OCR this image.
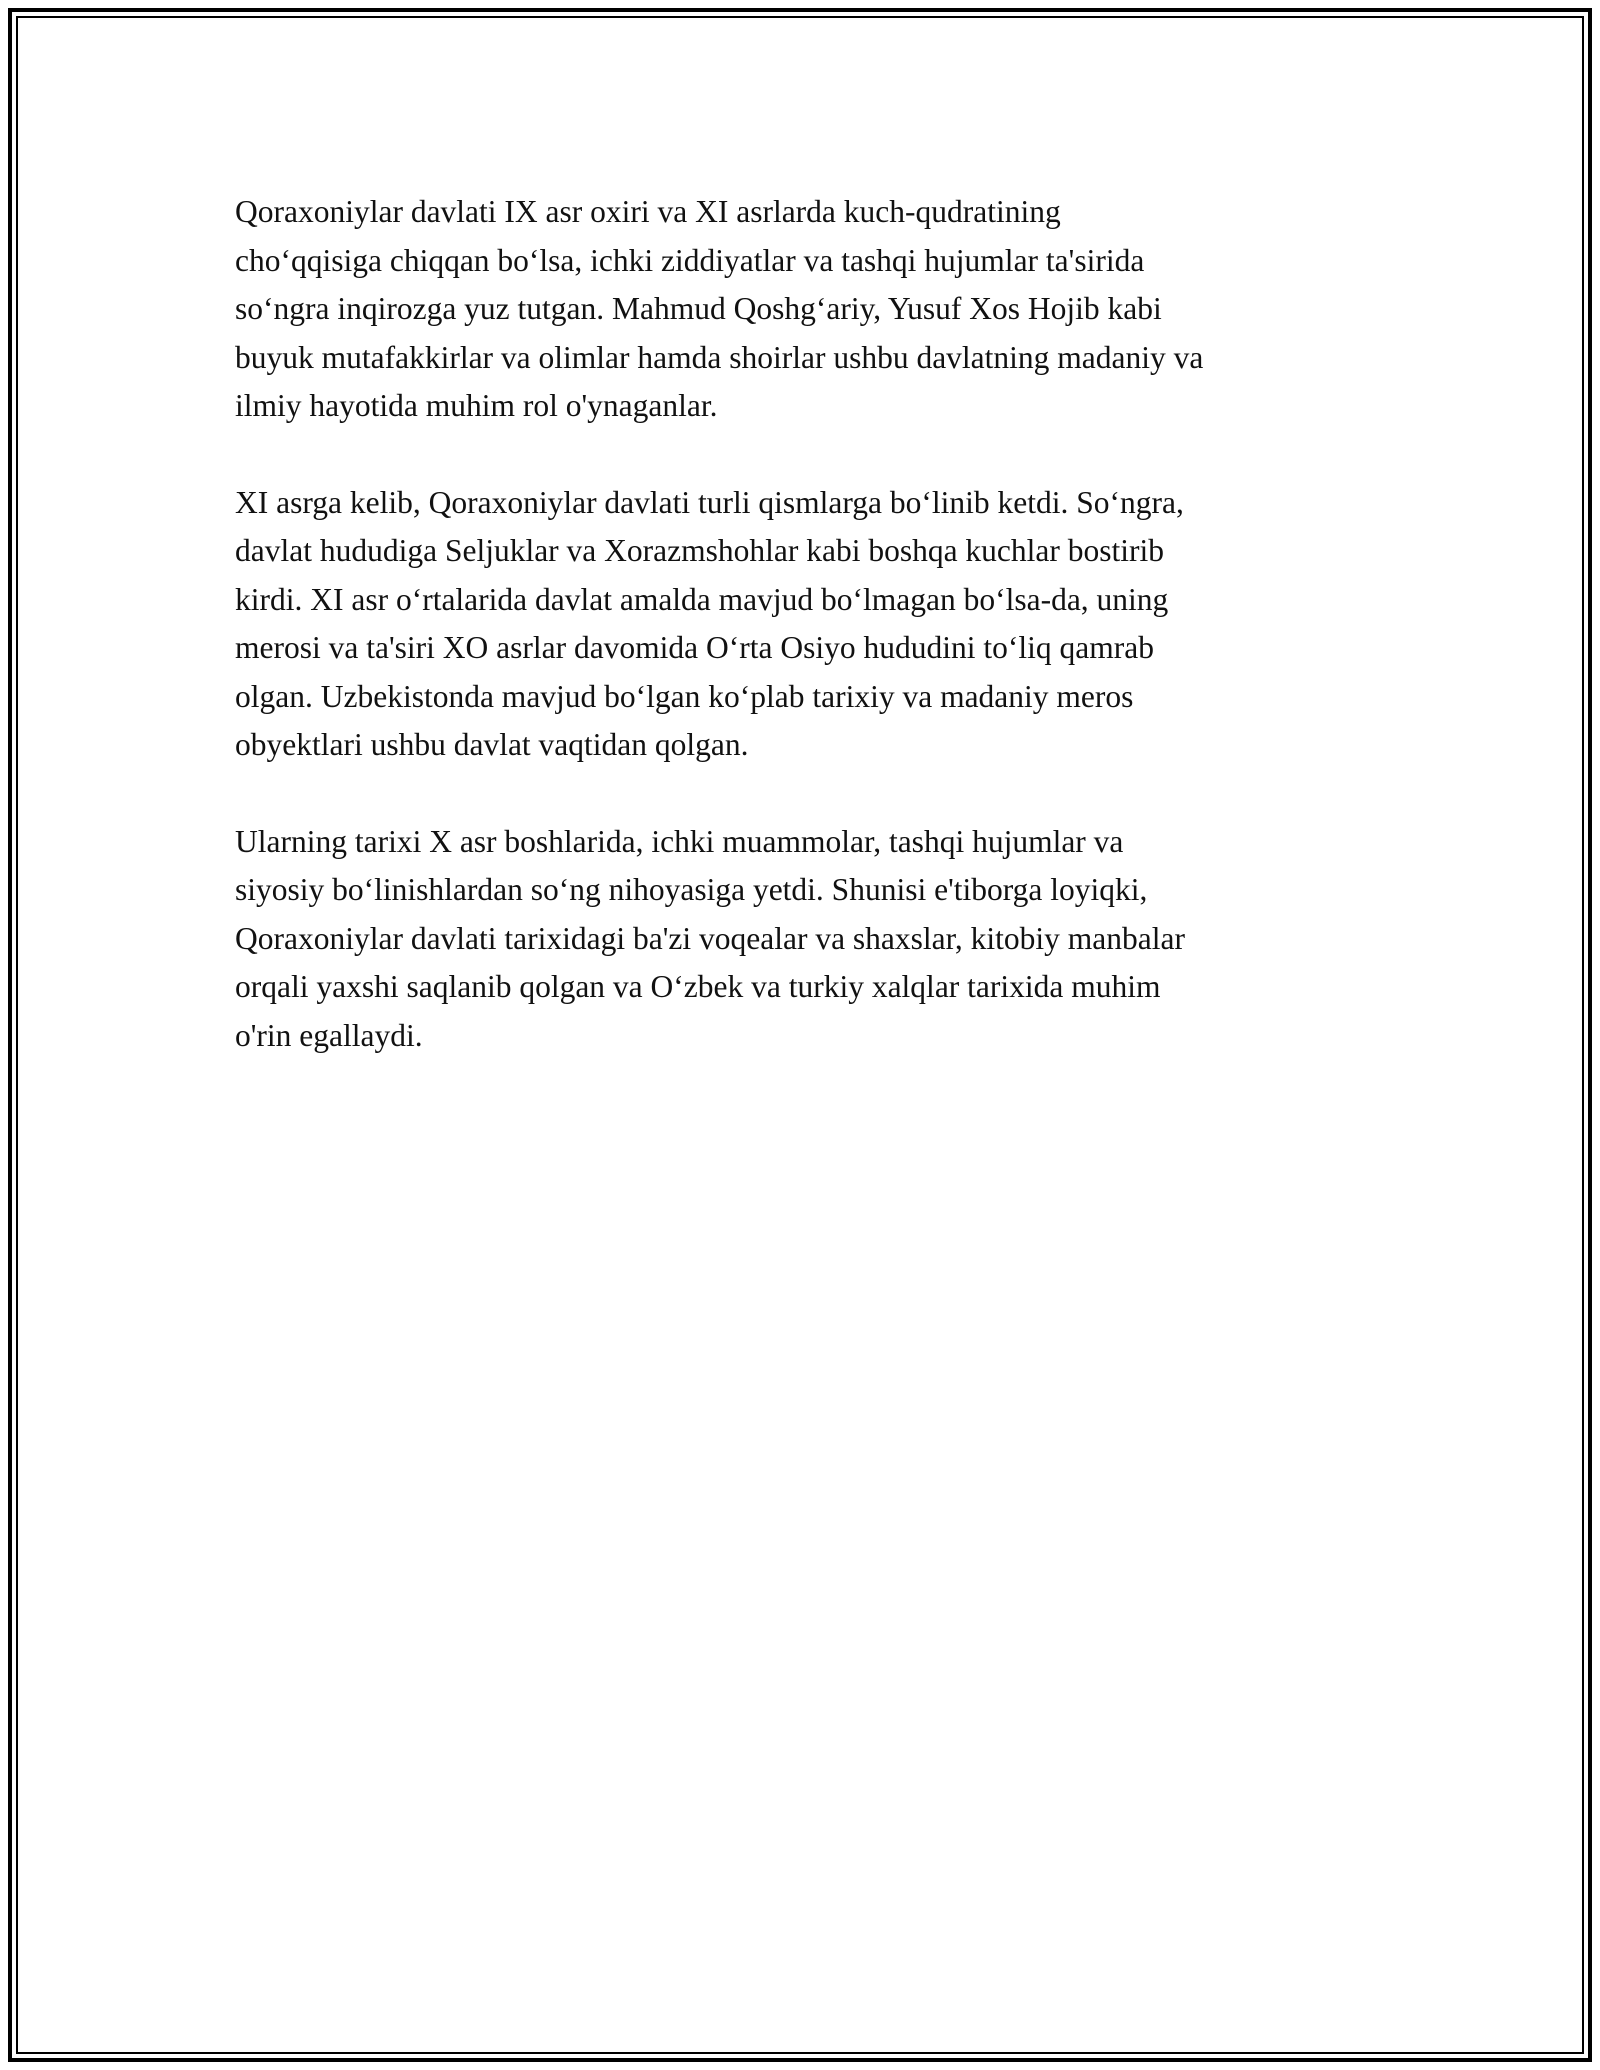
Qoraxoniylar davlati IX asr oxiri va XI asrlarda kuch-qudratining
cho‘qqisiga chiqqan bo‘lsa, ichki ziddiyatlar va tashqi hujumlar ta'sirida
so‘ngra inqirozga yuz tutgan. Mahmud Qoshg‘ariy, Yusuf Xos Hojib kabi
buyuk mutafakkirlar va olimlar hamda shoirlar ushbu davlatning madaniy va
ilmiy hayotida muhim rol o'ynaganlar.

XI asrga kelib, Qoraxoniylar davlati turli qismlarga bo‘linib ketdi. So‘ngra,
davlat hududiga Seljuklar va Xorazmshohlar kabi boshqa kuchlar bostirib
kirdi. XI asr o‘rtalarida davlat amalda mavjud bo‘lmagan bo‘lsa-da, uning
merosi va ta'siri XO asrlar davomida O‘rta Osiyo hududini to‘liq qamrab
olgan. Uzbekistonda mavjud bo‘lgan ko‘plab tarixiy va madaniy meros
obyektlari ushbu davlat vaqtidan qolgan.

Ularning tarixi X asr boshlarida, ichki muammolar, tashqi hujumlar va
siyosiy bo‘linishlardan so‘ng nihoyasiga yetdi. Shunisi e'tiborga loyiqki,
Qoraxoniylar davlati tarixidagi ba'zi voqealar va shaxslar, kitobiy manbalar
orqali yaxshi saqlanib qolgan va O‘zbek va turkiy xalqlar tarixida muhim
o'rin egallaydi.
